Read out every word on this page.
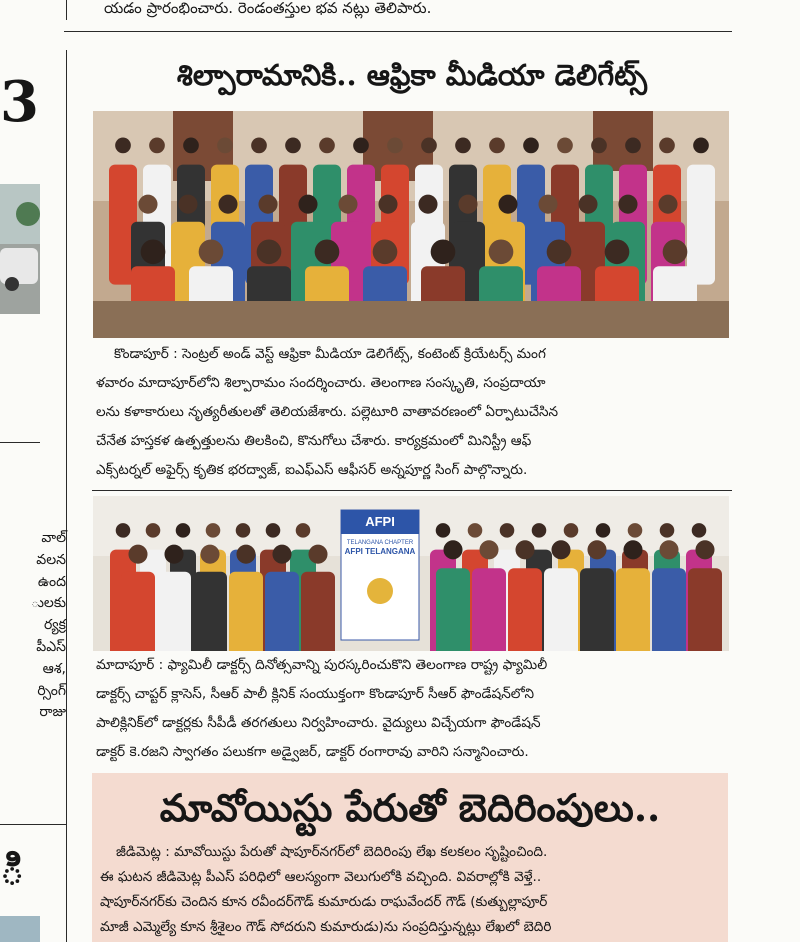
యడం ప్రారంభించారు. రెండంతస్తుల భవ నట్లు తెలిపారు.
3
వాల్
వలన
ఉంద
ులకు
ర్యక్ర
పీఎస్
ఆశ,
ర్సింగ్
రాజు
ి
శిల్పారామానికి.. ఆఫ్రికా మీడియా డెలిగేట్స్
కొండాపూర్ : సెంట్రల్ అండ్ వెస్ట్ ఆఫ్రికా మీడియా డెలిగేట్స్, కంటెంట్ క్రియేటర్స్ మంగ
ళవారం మాదాపూర్‌లోని శిల్పారామం సందర్శించారు. తెలంగాణ సంస్కృతి, సంప్రదాయా
లను కళాకారులు నృత్యరీతులతో తెలియజేశారు. పల్లెటూరి వాతావరణంలో ఏర్పాటుచేసిన
చేనేత హస్తకళ ఉత్పత్తులను తిలకించి, కొనుగోలు చేశారు. కార్యక్రమంలో మినిస్ట్రీ ఆఫ్
ఎక్స్‌టర్నల్ అఫైర్స్ కృతిక భరద్వాజ్, ఐఎఫ్ఎస్ ఆఫీసర్ అన్నపూర్ణ సింగ్ పాల్గొన్నారు.
AFPI
TELANGANA CHAPTER
AFPI TELANGANA
మాదాపూర్ : ఫ్యామిలీ డాక్టర్స్ దినోత్సవాన్ని పురస్కరించుకొని తెలంగాణ రాష్ట్ర ఫ్యామిలీ
డాక్టర్స్ చాప్టర్ క్లాసెస్, సీఆర్ పాలీ క్లినిక్ సంయుక్తంగా కొండాపూర్ సీఆర్ ఫౌండేషన్‌లోని
పాలిక్లినిక్‌లో డాక్టర్లకు సీపీడీ తరగతులు నిర్వహించారు. వైద్యులు విచ్చేయగా ఫౌండేషన్
డాక్టర్ కె.రజని స్వాగతం పలుకగా అడ్వైజర్, డాక్టర్ రంగారావు వారిని సన్మానించారు.
మావోయిస్టు పేరుతో బెదిరింపులు..
జీడిమెట్ల : మావోయిస్టు పేరుతో షాపూర్‌నగర్‌లో బెదిరింపు లేఖ కలకలం సృష్టించింది.
ఈ ఘటన జీడిమెట్ల పీఎస్ పరిధిలో ఆలస్యంగా వెలుగులోకి వచ్చింది. వివరాల్లోకి వెళ్తే..
షాపూర్‌నగర్‌కు చెందిన కూన రవీందర్‌గౌడ్ కుమారుడు రాఘవేందర్ గౌడ్ (కుత్బుల్లాపూర్
మాజీ ఎమ్మెల్యే కూన శ్రీశైలం గౌడ్ సోదరుని కుమారుడు)ను సంప్రదిస్తున్నట్లు లేఖలో బెదిరి
